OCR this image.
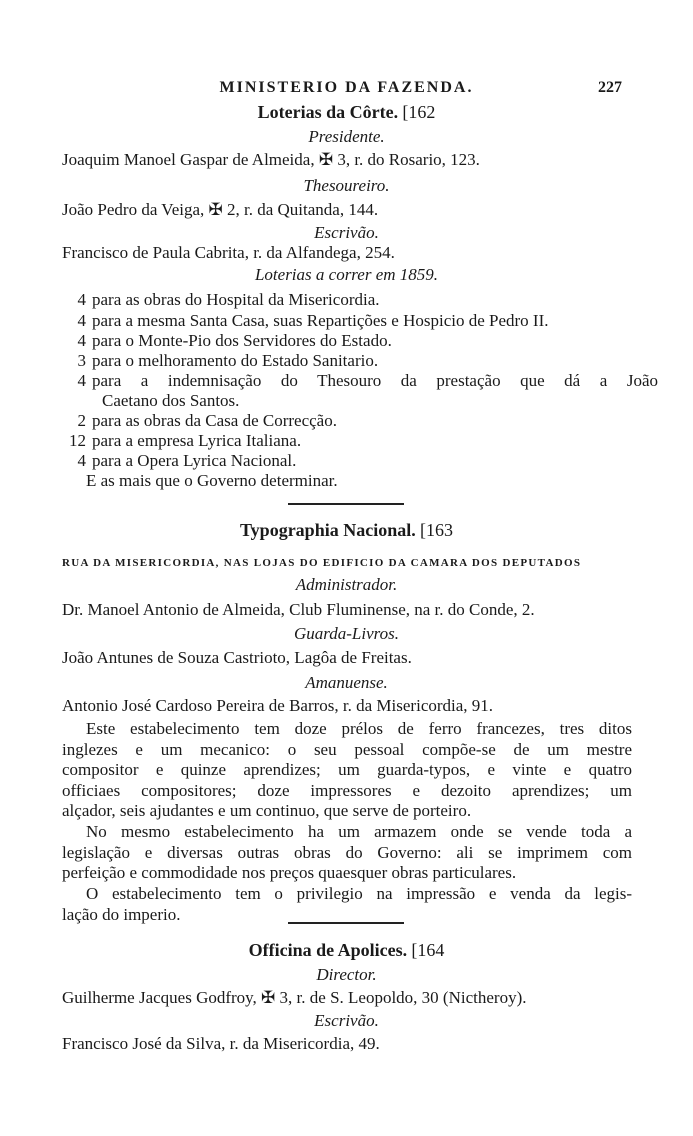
MINISTERIO DA FAZENDA.	227
Loterias da Côrte. [162
Presidente.
Joaquim Manoel Gaspar de Almeida, ✠ 3, r. do Rosario, 123.
Thesoureiro.
João Pedro da Veiga, ✠ 2, r. da Quitanda, 144.
Escrivão.
Francisco de Paula Cabrita, r. da Alfandega, 254.
Loterias a correr em 1859.
4 para as obras do Hospital da Misericordia.
4 para a mesma Santa Casa, suas Repartições e Hospicio de Pedro II.
4 para o Monte-Pio dos Servidores do Estado.
3 para o melhoramento do Estado Sanitario.
4 para a indemnisação do Thesouro da prestação que dá a João
Caetano dos Santos.
2 para as obras da Casa de Correcção.
12 para a empresa Lyrica Italiana.
4 para a Opera Lyrica Nacional.
E as mais que o Governo determinar.
Typographia Nacional. [163
RUA DA MISERICORDIA, NAS LOJAS DO EDIFICIO DA CAMARA DOS DEPUTADOS
Administrador.
Dr. Manoel Antonio de Almeida, Club Fluminense, na r. do Conde, 2.
Guarda-Livros.
João Antunes de Souza Castrioto, Lagôa de Freitas.
Amanuense.
Antonio José Cardoso Pereira de Barros, r. da Misericordia, 91.
Este estabelecimento tem doze prélos de ferro francezes, tres ditos
inglezes e um mecanico: o seu pessoal compõe-se de um mestre
compositor e quinze aprendizes; um guarda-typos, e vinte e quatro
officiaes compositores; doze impressores e dezoito aprendizes; um
alçador, seis ajudantes e um continuo, que serve de porteiro.
No mesmo estabelecimento ha um armazem onde se vende toda a
legislação e diversas outras obras do Governo: ali se imprimem com
perfeição e commodidade nos preços quaesquer obras particulares.
O estabelecimento tem o privilegio na impressão e venda da legis-
lação do imperio.
Officina de Apolices. [164
Director.
Guilherme Jacques Godfroy, ✠ 3, r. de S. Leopoldo, 30 (Nictheroy).
Escrivão.
Francisco José da Silva, r. da Misericordia, 49.
